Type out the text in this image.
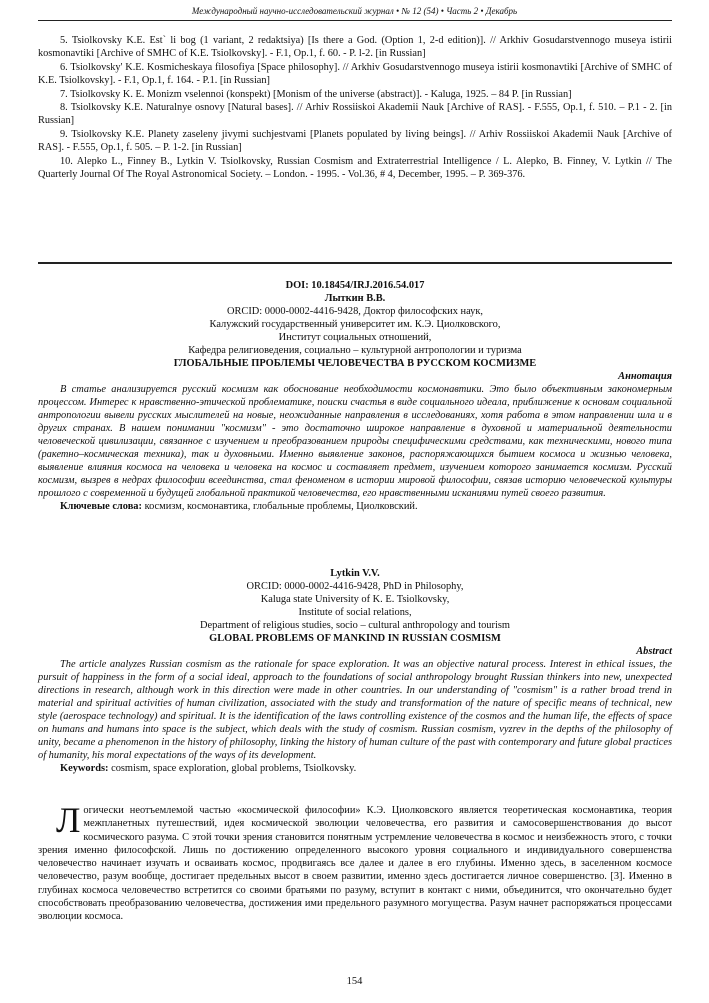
Международный научно-исследовательский журнал • № 12 (54) • Часть 2 • Декабрь

5. Tsiolkovsky K.E. Est` li bog (1 variant, 2 redaktsiya) [Is there a God. (Option 1, 2-d edition)]. // Arkhiv Gosudarstvennogo museya istirii kosmonavtiki [Archive of SMHC of K.E. Tsiolkovsky]. - F.1, Op.1, f. 60. - P. l-2. [in Russian]

6. Tsiolkovsky' K.E. Kosmicheskaya filosofiya [Space philosophy]. // Arkhiv Gosudarstvennogo museya istirii kosmonavtiki [Archive of SMHC of K.E. Tsiolkovsky]. - F.1, Op.1, f. 164. - P.1. [in Russian]

7. Tsiolkovsky K. E. Monizm vselennoi (konspekt) [Monism of the universe (abstract)]. - Kaluga, 1925. – 84 P. [in Russian]

8. Tsiolkovsky K.E. Naturalnye osnovy [Natural bases]. // Arhiv Rossiiskoi Akademii Nauk [Archive of RAS]. - F.555, Op.1, f. 510. – P.1 - 2. [in Russian]

9. Tsiolkovsky K.E. Planety zaseleny jivymi suchjestvami [Planets populated by living beings]. // Arhiv Rossiiskoi Akademii Nauk [Archive of RAS]. - F.555, Op.1, f. 505. – P. 1-2. [in Russian]

10. Alepko L., Finney B., Lytkin V. Tsiolkovsky, Russian Cosmism and Extraterrestrial Intelligence / L. Alepko, B. Finney, V. Lytkin // The Quarterly Journal Of The Royal Astronomical Society. – London. - 1995. - Vol.36, # 4, December, 1995. – P. 369-376.

DOI: 10.18454/IRJ.2016.54.017

Лыткин В.В.

ORCID: 0000-0002-4416-9428, Доктор философских наук,

Калужский государственный университет им. К.Э. Циолковского,

Институт социальных отношений,

Кафедра религиоведения, социально – культурной антропологии и туризма

ГЛОБАЛЬНЫЕ ПРОБЛЕМЫ ЧЕЛОВЕЧЕСТВА В РУССКОМ КОСМИЗМЕ

Аннотация

В статье анализируется русский космизм как обоснование необходимости космонавтики. Это было объективным закономерным процессом. Интерес к нравственно-этической проблематике, поиски счастья в виде социального идеала, приближение к основам социальной антропологии вывели русских мыслителей на новые, неожиданные направления в исследованиях, хотя работа в этом направлении шла и в других странах. В нашем понимании "космизм" - это достаточно широкое направление в духовной и материальной деятельности человеческой цивилизации, связанное с изучением и преобразованием природы специфическими средствами, как техническими, нового типа (ракетно–космическая техника), так и духовными. Именно выявление законов, распоряжающихся бытием космоса и жизнью человека, выявление влияния космоса на человека и человека на космос и составляет предмет, изучением которого занимается космизм. Русский космизм, вызрев в недрах философии всеединства, стал феноменом в истории мировой философии, связав историю человеческой культуры прошлого с современной и будущей глобальной практикой человечества, его нравственными исканиями путей своего развития.

Ключевые слова: космизм, космонавтика, глобальные проблемы, Циолковский.

Lytkin V.V.

ORCID: 0000-0002-4416-9428, PhD in Philosophy,

Kaluga state University of K. E. Tsiolkovsky,

Institute of social relations,

Department of religious studies, socio – cultural anthropology and tourism

GLOBAL PROBLEMS OF MANKIND IN RUSSIAN COSMISM

Abstract

The article analyzes Russian cosmism as the rationale for space exploration. It was an objective natural process. Interest in ethical issues, the pursuit of happiness in the form of a social ideal, approach to the foundations of social anthropology brought Russian thinkers into new, unexpected directions in research, although work in this direction were made in other countries. In our understanding of "cosmism" is a rather broad trend in material and spiritual activities of human civilization, associated with the study and transformation of the nature of specific means of technical, new style (aerospace technology) and spiritual. It is the identification of the laws controlling existence of the cosmos and the human life, the effects of space on humans and humans into space is the subject, which deals with the study of cosmism. Russian cosmism, vyzrev in the depths of the philosophy of unity, became a phenomenon in the history of philosophy, linking the history of human culture of the past with contemporary and future global practices of humanity, his moral expectations of the ways of its development.

Keywords: cosmism, space exploration, global problems, Tsiolkovsky.

Логически неотъемлемой частью «космической философии» К.Э. Циолковского является теоретическая космонавтика, теория межпланетных путешествий, идея космической эволюции человечества, его развития и самосовершенствования до высот космического разума. С этой точки зрения становится понятным устремление человечества в космос и неизбежность этого, с точки зрения именно философской. Лишь по достижению определенного высокого уровня социального и индивидуального совершенства человечество начинает изучать и осваивать космос, продвигаясь все далее и далее в его глубины. Именно здесь, в заселенном космосе человечество, разум вообще, достигает предельных высот в своем развитии, именно здесь достигается личное совершенство. [3]. Именно в глубинах космоса человечество встретится со своими братьями по разуму, вступит в контакт с ними, объединится, что окончательно будет способствовать преобразованию человечества, достижения ими предельного разумного могущества. Разум начнет распоряжаться процессами эволюции космоса.
154
